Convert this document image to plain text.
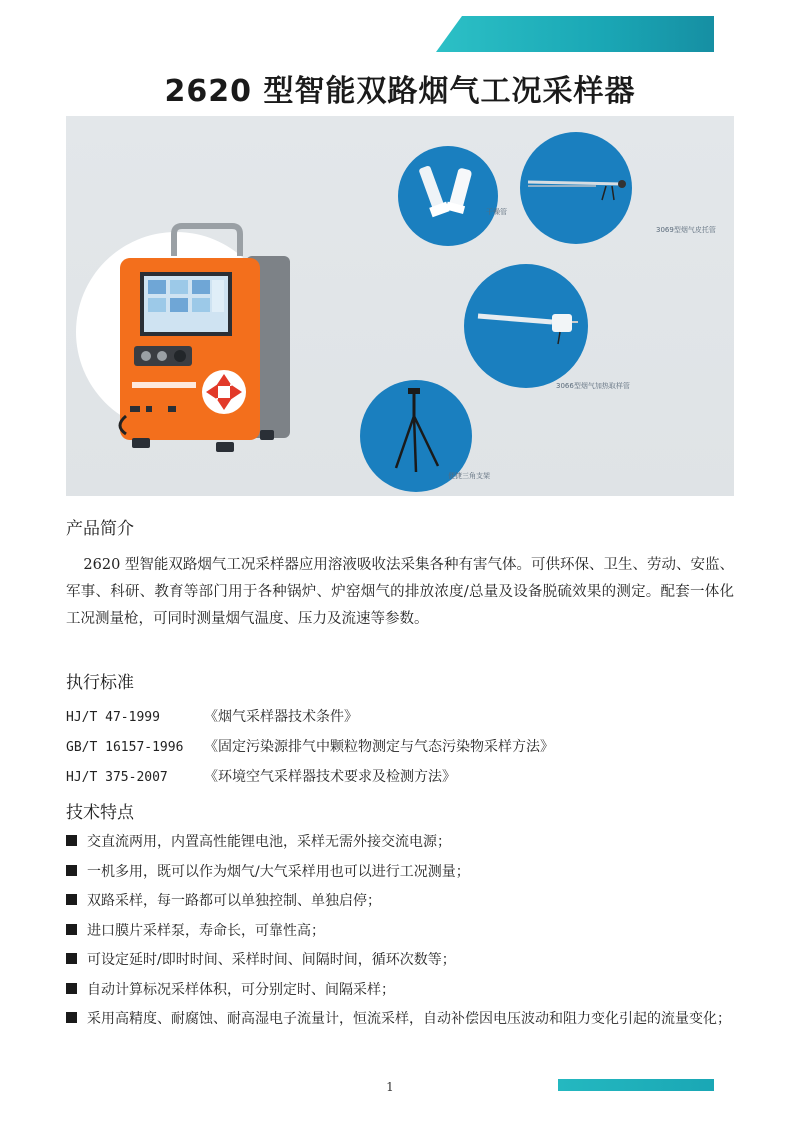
2620 型智能双路烟气工况采样器
干燥管
3069型烟气皮托管
3066型烟气加热取样管
便捷三角支架
产品简介
2620 型智能双路烟气工况采样器应用溶液吸收法采集各种有害气体。可供环保、卫生、劳动、安监、军事、科研、教育等部门用于各种锅炉、炉窑烟气的排放浓度/总量及设备脱硫效果的测定。配套一体化工况测量枪，可同时测量烟气温度、压力及流速等参数。
执行标准
HJ/T 47-1999	《烟气采样器技术条件》
GB/T 16157-1996 《固定污染源排气中颗粒物测定与气态污染物采样方法》
HJ/T 375-2007	《环境空气采样器技术要求及检测方法》
技术特点
交直流两用，内置高性能锂电池，采样无需外接交流电源；
一机多用，既可以作为烟气/大气采样用也可以进行工况测量；
双路采样，每一路都可以单独控制、单独启停；
进口膜片采样泵，寿命长，可靠性高；
可设定延时/即时时间、采样时间、间隔时间，循环次数等；
自动计算标况采样体积，可分别定时、间隔采样；
采用高精度、耐腐蚀、耐高湿电子流量计，恒流采样，自动补偿因电压波动和阻力变化引起的流量变化；
1
